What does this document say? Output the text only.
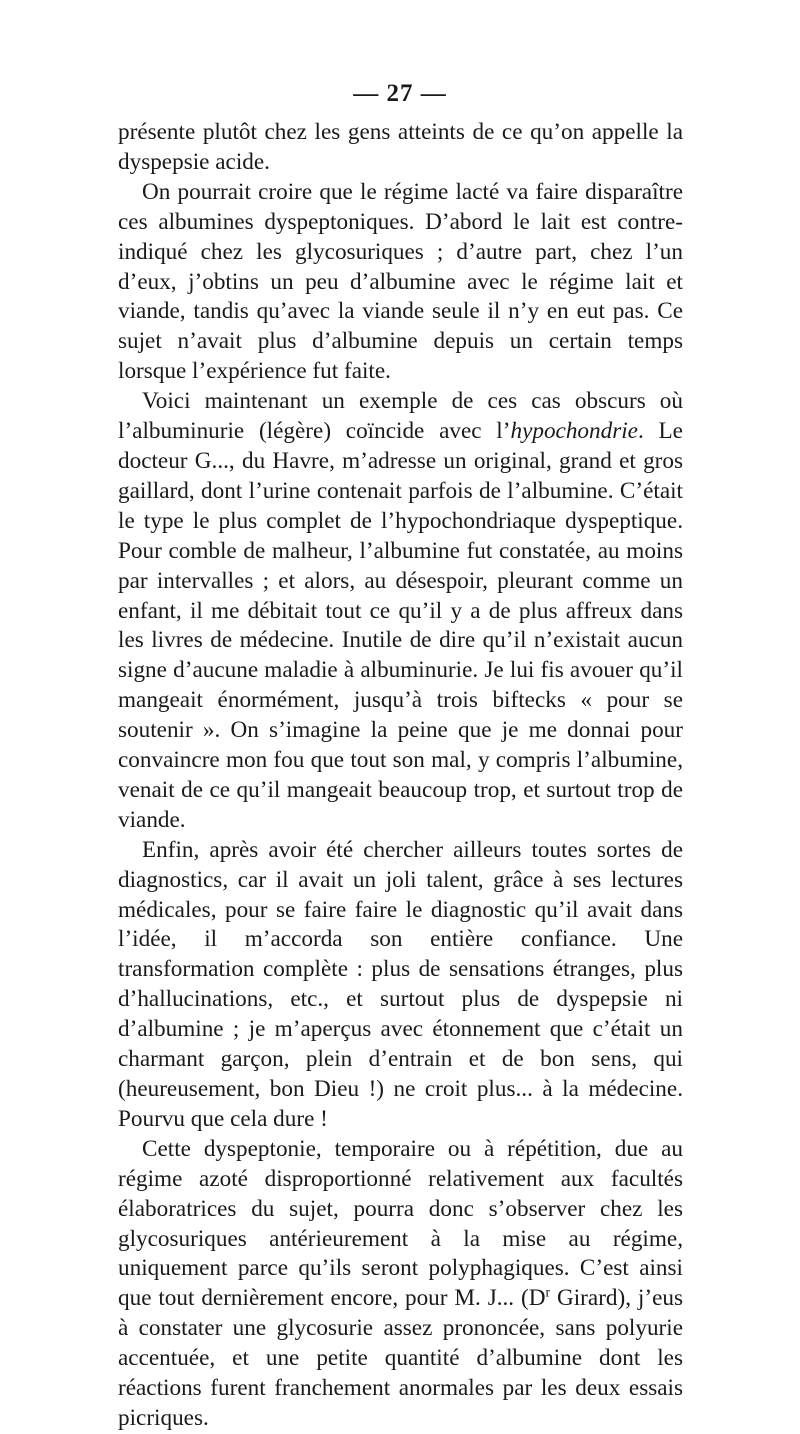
— 27 —

présente plutôt chez les gens atteints de ce qu’on appelle la dyspepsie acide.

On pourrait croire que le régime lacté va faire disparaître ces albumines dyspeptoniques. D’abord le lait est contre-indiqué chez les glycosuriques ; d’autre part, chez l’un d’eux, j’obtins un peu d’albumine avec le régime lait et viande, tandis qu’avec la viande seule il n’y en eut pas. Ce sujet n’avait plus d’albumine depuis un certain temps lorsque l’expérience fut faite.

Voici maintenant un exemple de ces cas obscurs où l’albuminurie (légère) coïncide avec l’hypochondrie. Le docteur G..., du Havre, m’adresse un original, grand et gros gaillard, dont l’urine contenait parfois de l’albumine. C’était le type le plus complet de l’hypochondriaque dyspeptique. Pour comble de malheur, l’albumine fut constatée, au moins par intervalles ; et alors, au désespoir, pleurant comme un enfant, il me débitait tout ce qu’il y a de plus affreux dans les livres de médecine. Inutile de dire qu’il n’existait aucun signe d’aucune maladie à albuminurie. Je lui fis avouer qu’il mangeait énormément, jusqu’à trois biftecks « pour se soutenir ». On s’imagine la peine que je me donnai pour convaincre mon fou que tout son mal, y compris l’albumine, venait de ce qu’il mangeait beaucoup trop, et surtout trop de viande.

Enfin, après avoir été chercher ailleurs toutes sortes de diagnostics, car il avait un joli talent, grâce à ses lectures médicales, pour se faire faire le diagnostic qu’il avait dans l’idée, il m’accorda son entière confiance. Une transformation complète : plus de sensations étranges, plus d’hallucinations, etc., et surtout plus de dyspepsie ni d’albumine ; je m’aperçus avec étonnement que c’était un charmant garçon, plein d’entrain et de bon sens, qui (heureusement, bon Dieu !) ne croit plus... à la médecine. Pourvu que cela dure !

Cette dyspeptonie, temporaire ou à répétition, due au régime azoté disproportionné relativement aux facultés élaboratrices du sujet, pourra donc s’observer chez les glycosuriques antérieurement à la mise au régime, uniquement parce qu’ils seront polyphagiques. C’est ainsi que tout dernièrement encore, pour M. J... ($D^r$ Girard), j’eus à constater une glycosurie assez prononcée, sans polyurie accentuée, et une petite quantité d’albumine dont les réactions furent franchement anormales par les deux essais picriques.
